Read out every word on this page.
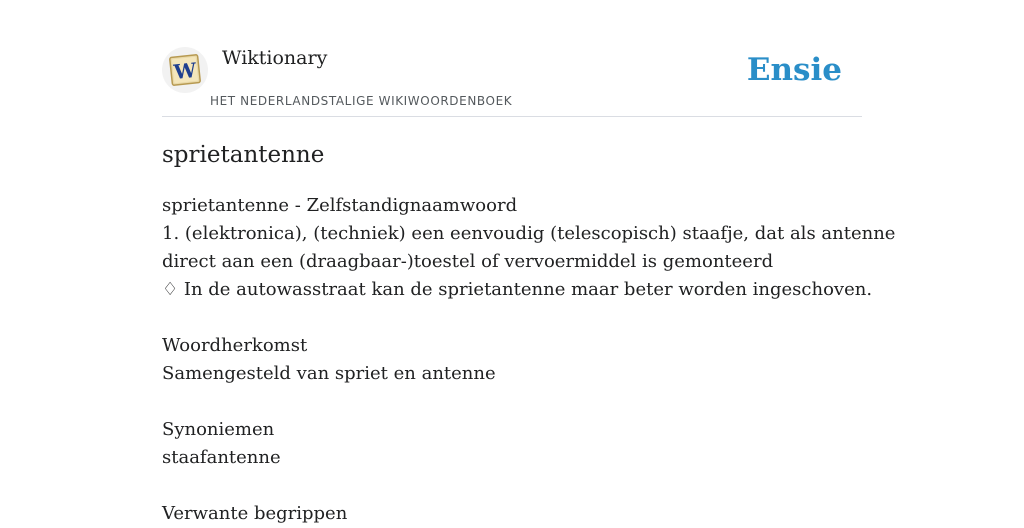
W Wiktionary
HET NEDERLANDSTALIGE WIKIWOORDENBOEK
Ensie
sprietantenne
sprietantenne - Zelfstandignaamwoord
1. (elektronica), (techniek) een eenvoudig (telescopisch) staafje, dat als antenne
direct aan een (draagbaar-)toestel of vervoermiddel is gemonteerd
♢ In de autowasstraat kan de sprietantenne maar beter worden ingeschoven.
Woordherkomst
Samengesteld van spriet en antenne
Synoniemen
staafantenne
Verwante begrippen
